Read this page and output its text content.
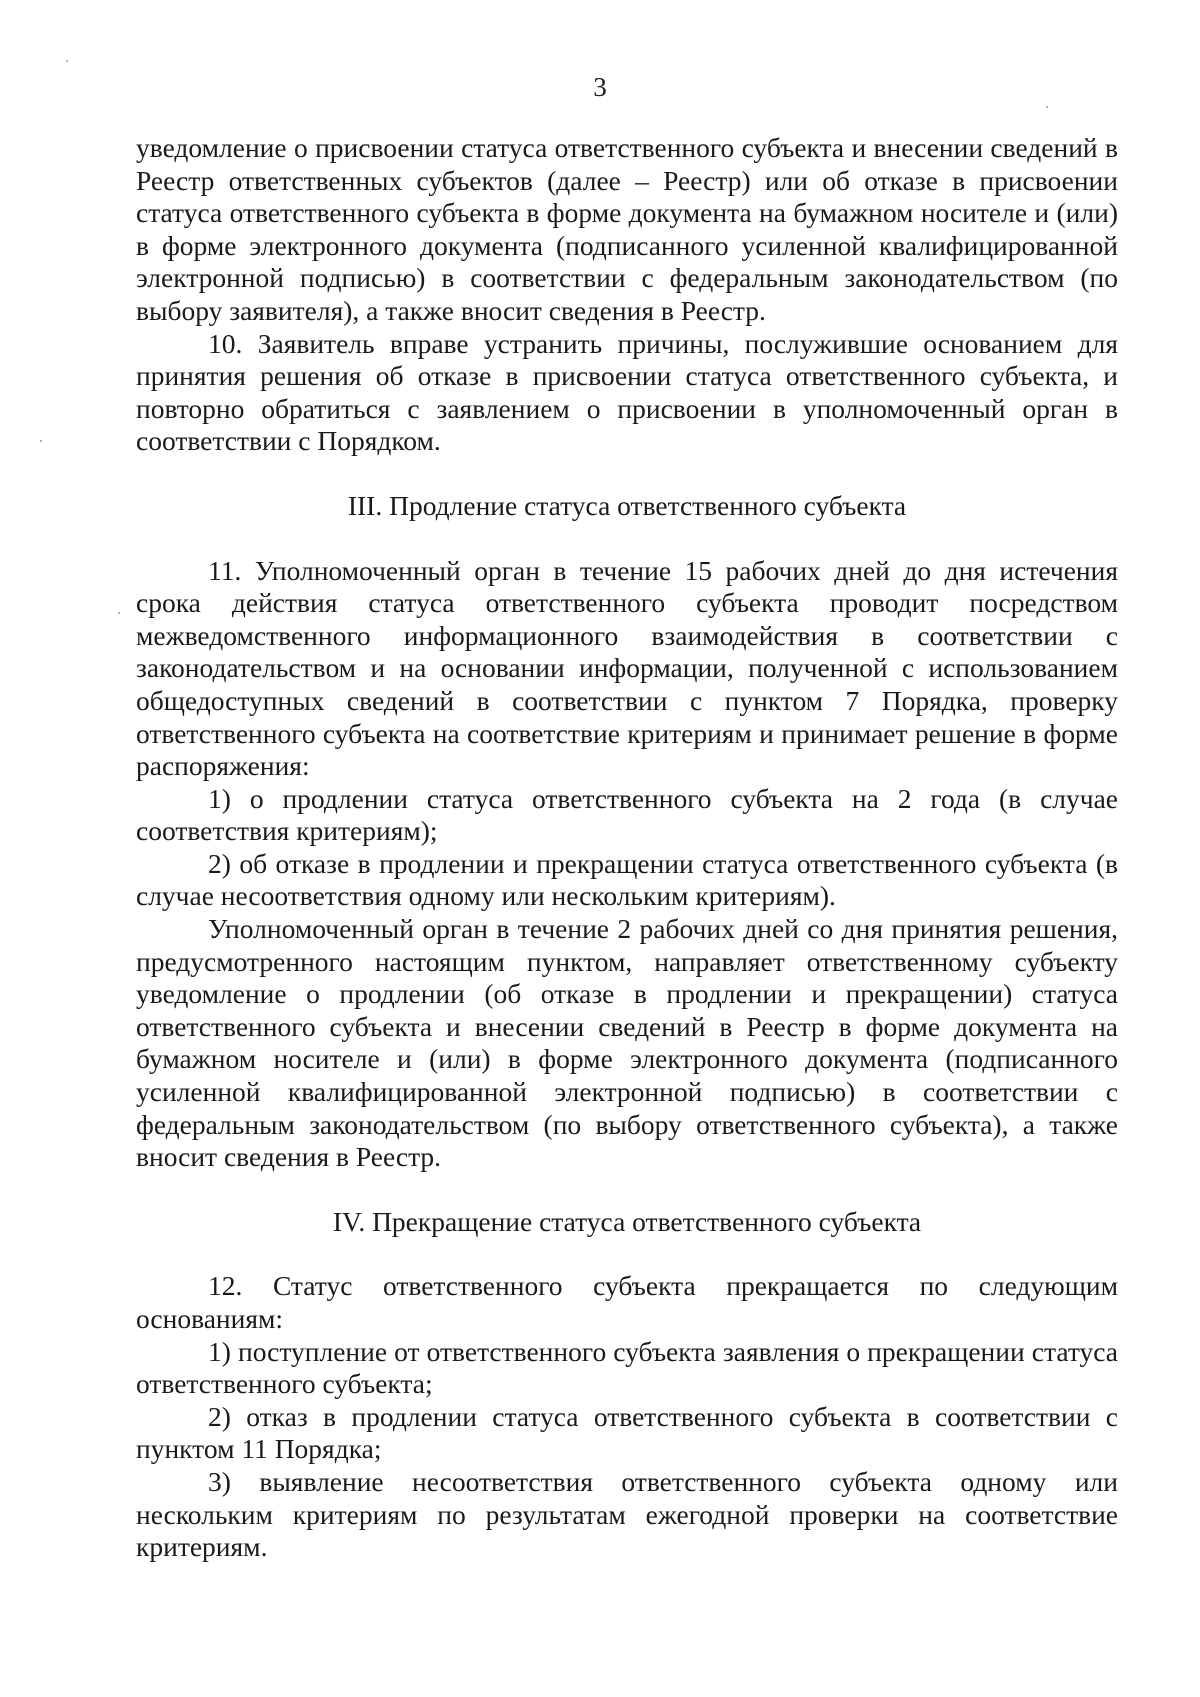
3

уведомление о присвоении статуса ответственного субъекта и внесении сведений в Реестр ответственных субъектов (далее – Реестр) или об отказе в присвоении статуса ответственного субъекта в форме документа на бумажном носителе и (или) в форме электронного документа (подписанного усиленной квалифицированной электронной подписью) в соответствии с федеральным законодательством (по выбору заявителя), а также вносит сведения в Реестр.

10. Заявитель вправе устранить причины, послужившие основанием для принятия решения об отказе в присвоении статуса ответственного субъекта, и повторно обратиться с заявлением о присвоении в уполномоченный орган в соответствии с Порядком.

III. Продление статуса ответственного субъекта

11. Уполномоченный орган в течение 15 рабочих дней до дня истечения срока действия статуса ответственного субъекта проводит посредством межведомственного информационного взаимодействия в соответствии с законодательством и на основании информации, полученной с использованием общедоступных сведений в соответствии с пунктом 7 Порядка, проверку ответственного субъекта на соответствие критериям и принимает решение в форме распоряжения:

1) о продлении статуса ответственного субъекта на 2 года (в случае соответствия критериям);

2) об отказе в продлении и прекращении статуса ответственного субъекта (в случае несоответствия одному или нескольким критериям).

Уполномоченный орган в течение 2 рабочих дней со дня принятия решения, предусмотренного настоящим пунктом, направляет ответственному субъекту уведомление о продлении (об отказе в продлении и прекращении) статуса ответственного субъекта и внесении сведений в Реестр в форме документа на бумажном носителе и (или) в форме электронного документа (подписанного усиленной квалифицированной электронной подписью) в соответствии с федеральным законодательством (по выбору ответственного субъекта), а также вносит сведения в Реестр.

IV. Прекращение статуса ответственного субъекта

12. Статус ответственного субъекта прекращается по следующим основаниям:

1) поступление от ответственного субъекта заявления о прекращении статуса ответственного субъекта;

2) отказ в продлении статуса ответственного субъекта в соответствии с пунктом 11 Порядка;

3) выявление несоответствия ответственного субъекта одному или нескольким критериям по результатам ежегодной проверки на соответствие критериям.
